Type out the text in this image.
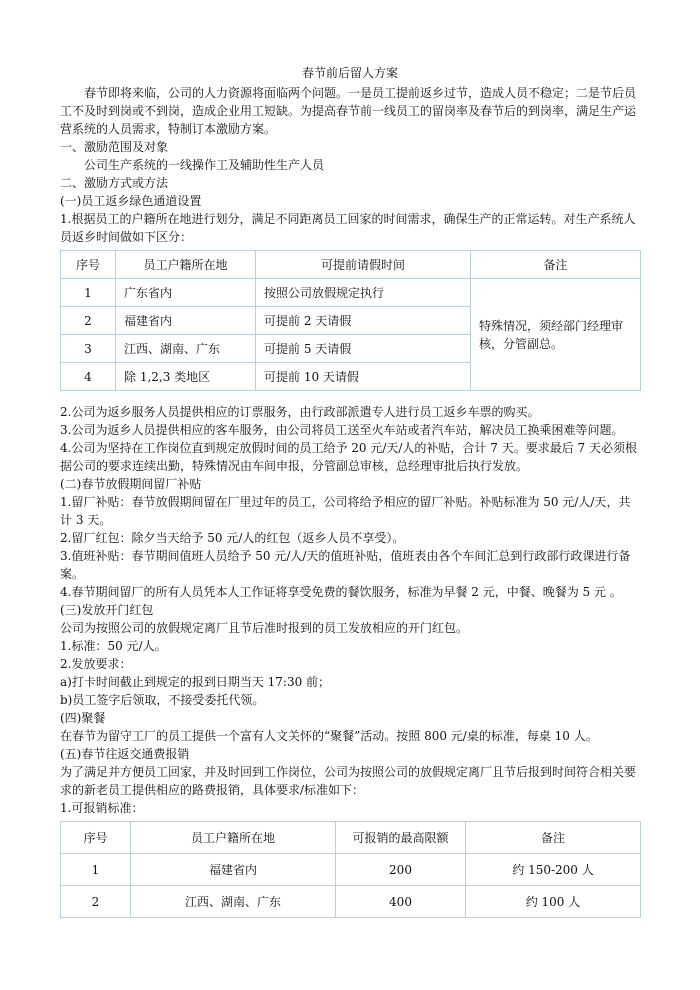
春节前后留人方案

春节即将来临，公司的人力资源将面临两个问题。一是员工提前返乡过节，造成人员不稳定；二是节后员工不及时到岗或不到岗，造成企业用工短缺。为提高春节前一线员工的留岗率及春节后的到岗率，满足生产运营系统的人员需求，特制订本激励方案。

一、激励范围及对象

公司生产系统的一线操作工及辅助性生产人员

二、激励方式或方法

(一)员工返乡绿色通道设置

1.根据员工的户籍所在地进行划分，满足不同距离员工回家的时间需求，确保生产的正常运转。对生产系统人员返乡时间做如下区分：

序号	员工户籍所在地	可提前请假时间	备注
1	广东省内	按照公司放假规定执行	特殊情况，须经部门经理审核，分管副总。
2	福建省内	可提前 2 天请假	
3	江西、湖南、广东	可提前 5 天请假	
4	除 1,2,3 类地区	可提前 10 天请假	

2.公司为返乡服务人员提供相应的订票服务，由行政部派遣专人进行员工返乡车票的购买。

3.公司为返乡人员提供相应的客车服务，由公司将员工送至火车站或者汽车站，解决员工换乘困难等问题。

4.公司为坚持在工作岗位直到规定放假时间的员工给予 20 元/天/人的补贴，合计 7 天。要求最后 7 天必须根据公司的要求连续出勤，特殊情况由车间申报，分管副总审核，总经理审批后执行发放。

(二)春节放假期间留厂补贴

1.留厂补贴：春节放假期间留在厂里过年的员工，公司将给予相应的留厂补贴。补贴标准为 50 元/人/天，共计 3 天。

2.留厂红包：除夕当天给予 50 元/人的红包（返乡人员不享受）。

3.值班补贴：春节期间值班人员给予 50 元/人/天的值班补贴，值班表由各个车间汇总到行政部行政课进行备案。

4.春节期间留厂的所有人员凭本人工作证将享受免费的餐饮服务，标准为早餐 2 元，中餐、晚餐为 5 元 。

(三)发放开门红包

公司为按照公司的放假规定离厂且节后准时报到的员工发放相应的开门红包。

1.标准：50 元/人。

2.发放要求：

a)打卡时间截止到规定的报到日期当天 17:30 前；

b)员工签字后领取，不接受委托代领。

(四)聚餐

在春节为留守工厂的员工提供一个富有人文关怀的“聚餐”活动。按照 800 元/桌的标准，每桌 10 人。

(五)春节往返交通费报销

为了满足并方便员工回家，并及时回到工作岗位，公司为按照公司的放假规定离厂且节后报到时间符合相关要求的新老员工提供相应的路费报销，具体要求/标准如下：

1.可报销标准：

序号	员工户籍所在地	可报销的最高限额	备注
1	福建省内	200	约 150-200 人
2	江西、湖南、广东	400	约 100 人
